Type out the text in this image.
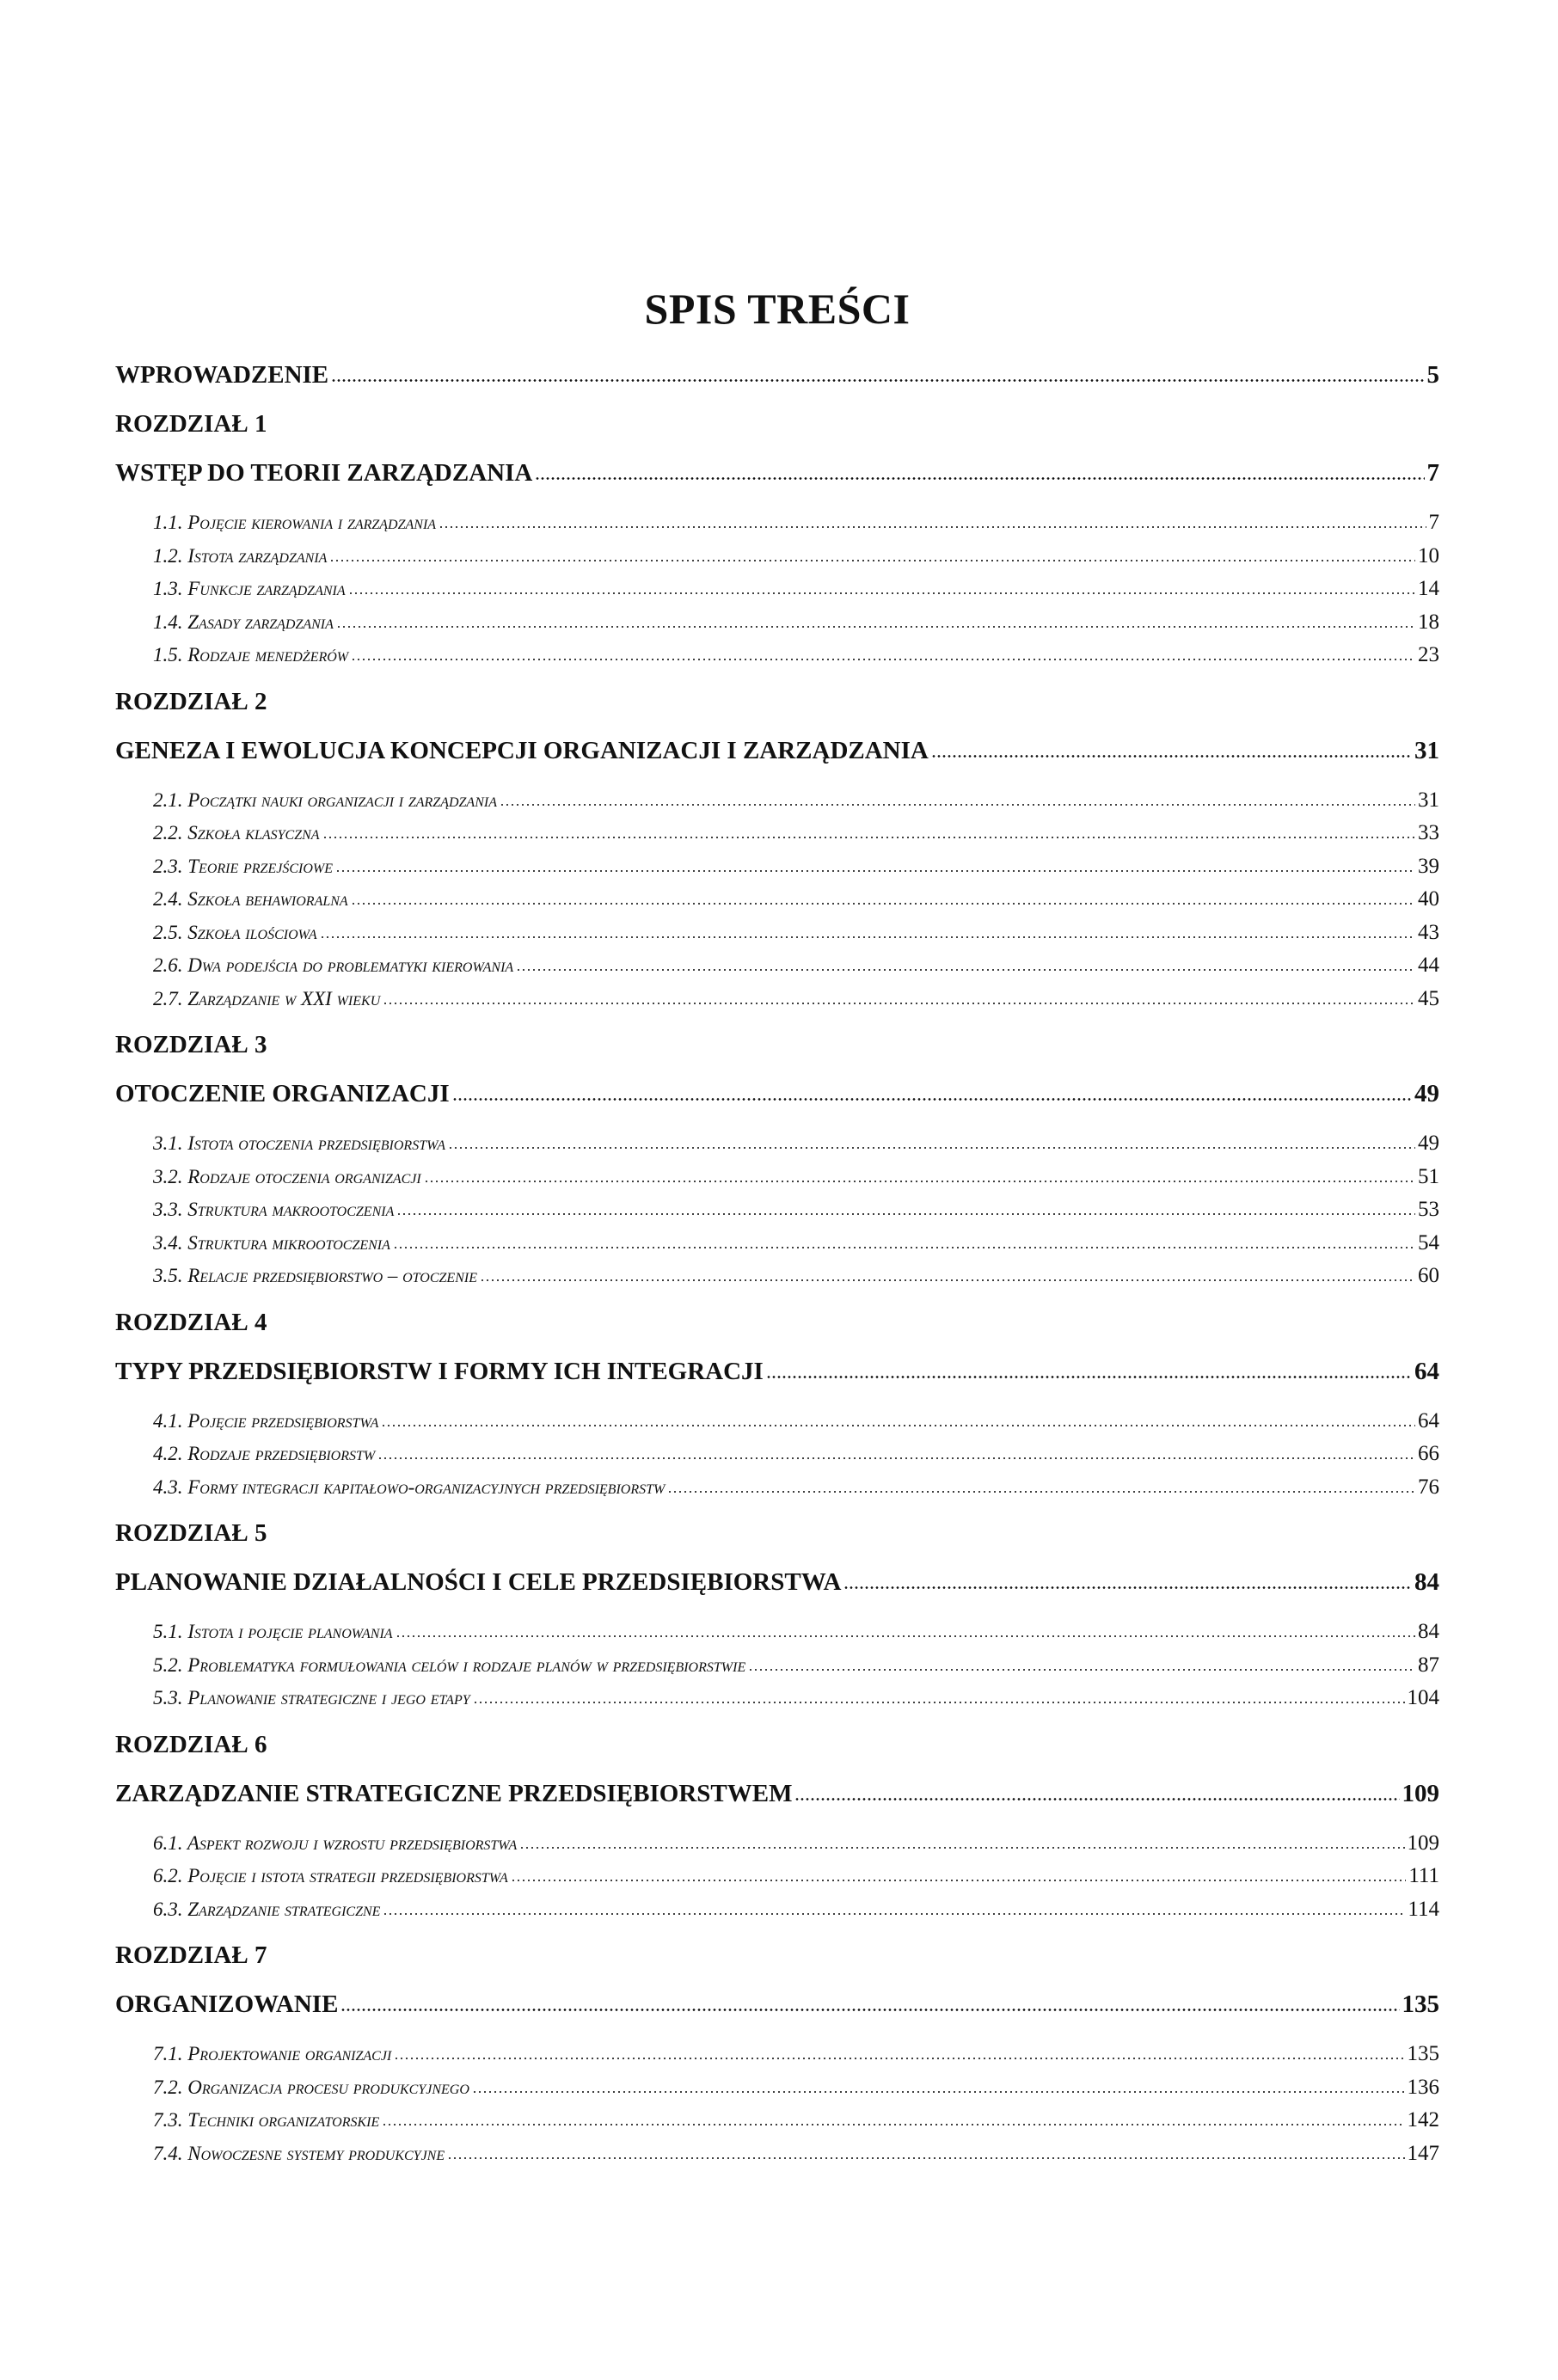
SPIS TREŚCI
WPROWADZENIE	5
ROZDZIAŁ 1
WSTĘP DO TEORII ZARZĄDZANIA	7
1.1. Pojęcie kierowania i zarządzania	7
1.2. Istota zarządzania	10
1.3. Funkcje zarządzania	14
1.4. Zasady zarządzania	18
1.5. Rodzaje menedżerów	23
ROZDZIAŁ 2
GENEZA I EWOLUCJA KONCEPCJI ORGANIZACJI I ZARZĄDZANIA	31
2.1. Początki nauki organizacji i zarządzania	31
2.2. Szkoła klasyczna	33
2.3. Teorie przejściowe	39
2.4. Szkoła behawioralna	40
2.5. Szkoła ilościowa	43
2.6. Dwa podejścia do problematyki kierowania	44
2.7. Zarządzanie w XXI wieku	45
ROZDZIAŁ 3
OTOCZENIE ORGANIZACJI	49
3.1. Istota otoczenia przedsiębiorstwa	49
3.2. Rodzaje otoczenia organizacji	51
3.3. Struktura makrootoczenia	53
3.4. Struktura mikrootoczenia	54
3.5. Relacje przedsiębiorstwo – otoczenie	60
ROZDZIAŁ 4
TYPY PRZEDSIĘBIORSTW I FORMY ICH INTEGRACJI	64
4.1. Pojęcie przedsiębiorstwa	64
4.2. Rodzaje przedsiębiorstw	66
4.3. Formy integracji kapitałowo-organizacyjnych przedsiębiorstw	76
ROZDZIAŁ 5
PLANOWANIE DZIAŁALNOŚCI I CELE PRZEDSIĘBIORSTWA	84
5.1. Istota i pojęcie planowania	84
5.2. Problematyka formułowania celów i rodzaje planów w przedsiębiorstwie	87
5.3. Planowanie strategiczne i jego etapy	104
ROZDZIAŁ 6
ZARZĄDZANIE STRATEGICZNE PRZEDSIĘBIORSTWEM	109
6.1. Aspekt rozwoju i wzrostu przedsiębiorstwa	109
6.2. Pojęcie i istota strategii przedsiębiorstwa	111
6.3. Zarządzanie strategiczne	114
ROZDZIAŁ 7
ORGANIZOWANIE	135
7.1. Projektowanie organizacji	135
7.2. Organizacja procesu produkcyjnego	136
7.3. Techniki organizatorskie	142
7.4. Nowoczesne systemy produkcyjne	147
